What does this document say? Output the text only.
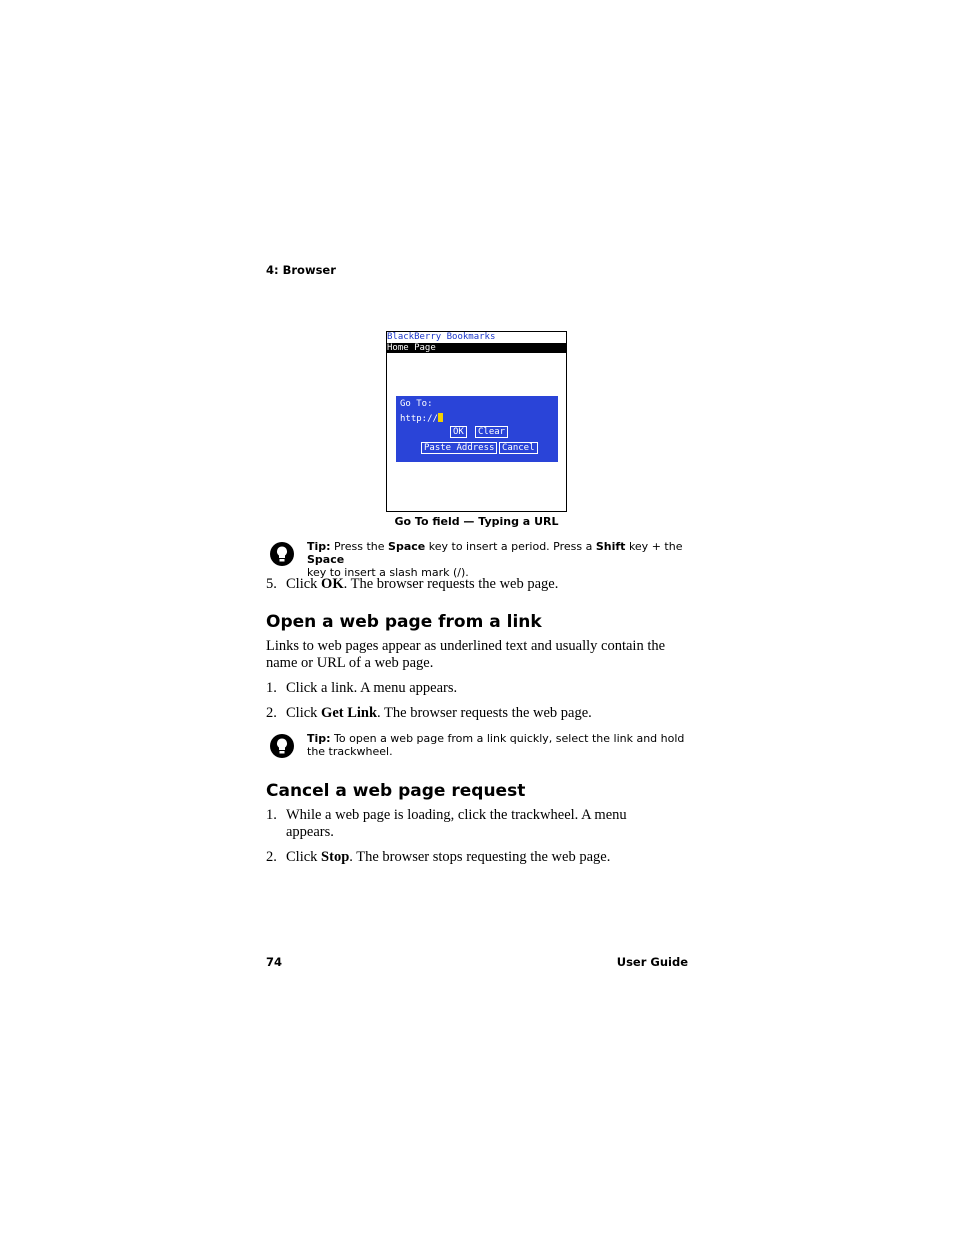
4: Browser
BlackBerry Bookmarks
Home Page
Go To:
http://
OK	Clear
Paste Address Cancel
Go To field — Typing a URL
Tip: Press the Space key to insert a period. Press a Shift key + the Space
key to insert a slash mark (/).
5. Click OK. The browser requests the web page.
Open a web page from a link
Links to web pages appear as underlined text and usually contain the name or URL of a web page.
1. Click a link. A menu appears.
2. Click Get Link. The browser requests the web page.
Tip: To open a web page from a link quickly, select the link and hold the trackwheel.
Cancel a web page request
1. While a web page is loading, click the trackwheel. A menu appears.
2. Click Stop. The browser stops requesting the web page.
74	User Guide
